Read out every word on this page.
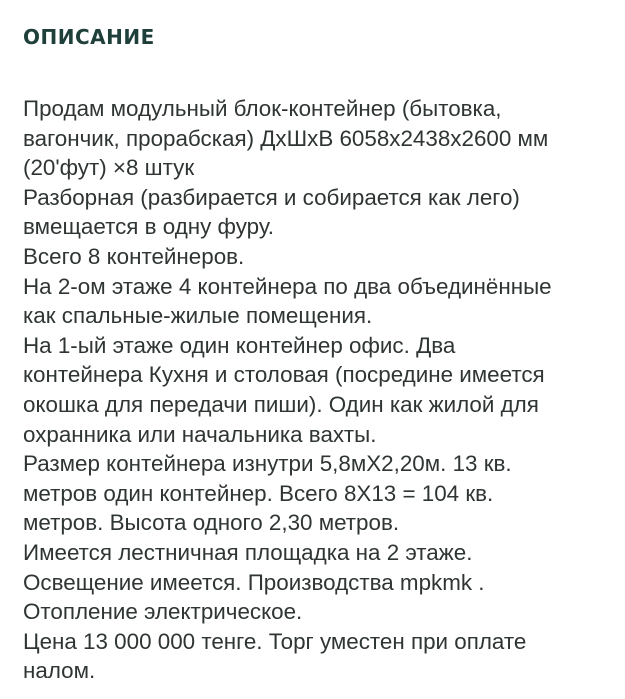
ОПИСАНИЕ
Продам модульный блок-контейнер (бытовка,
вагончик, прорабская) ДхШхВ 6058х2438х2600 мм
(20'фут) ×8 штук
Разборная (разбирается и собирается как лего)
вмещается в одну фуру.
Всего 8 контейнеров.
На 2-ом этаже 4 контейнера по два объединённые
как спальные-жилые помещения.
На 1-ый этаже один контейнер офис. Два
контейнера Кухня и столовая (посредине имеется
окошка для передачи пиши). Один как жилой для
охранника или начальника вахты.
Размер контейнера изнутри 5,8мХ2,20м. 13 кв.
метров один контейнер. Всего 8Х13 = 104 кв.
метров. Высота одного 2,30 метров.
Имеется лестничная площадка на 2 этаже.
Освещение имеется. Производства mpkmk .
Отопление электрическое.
Цена 13 000 000 тенге. Торг уместен при оплате
налом.
